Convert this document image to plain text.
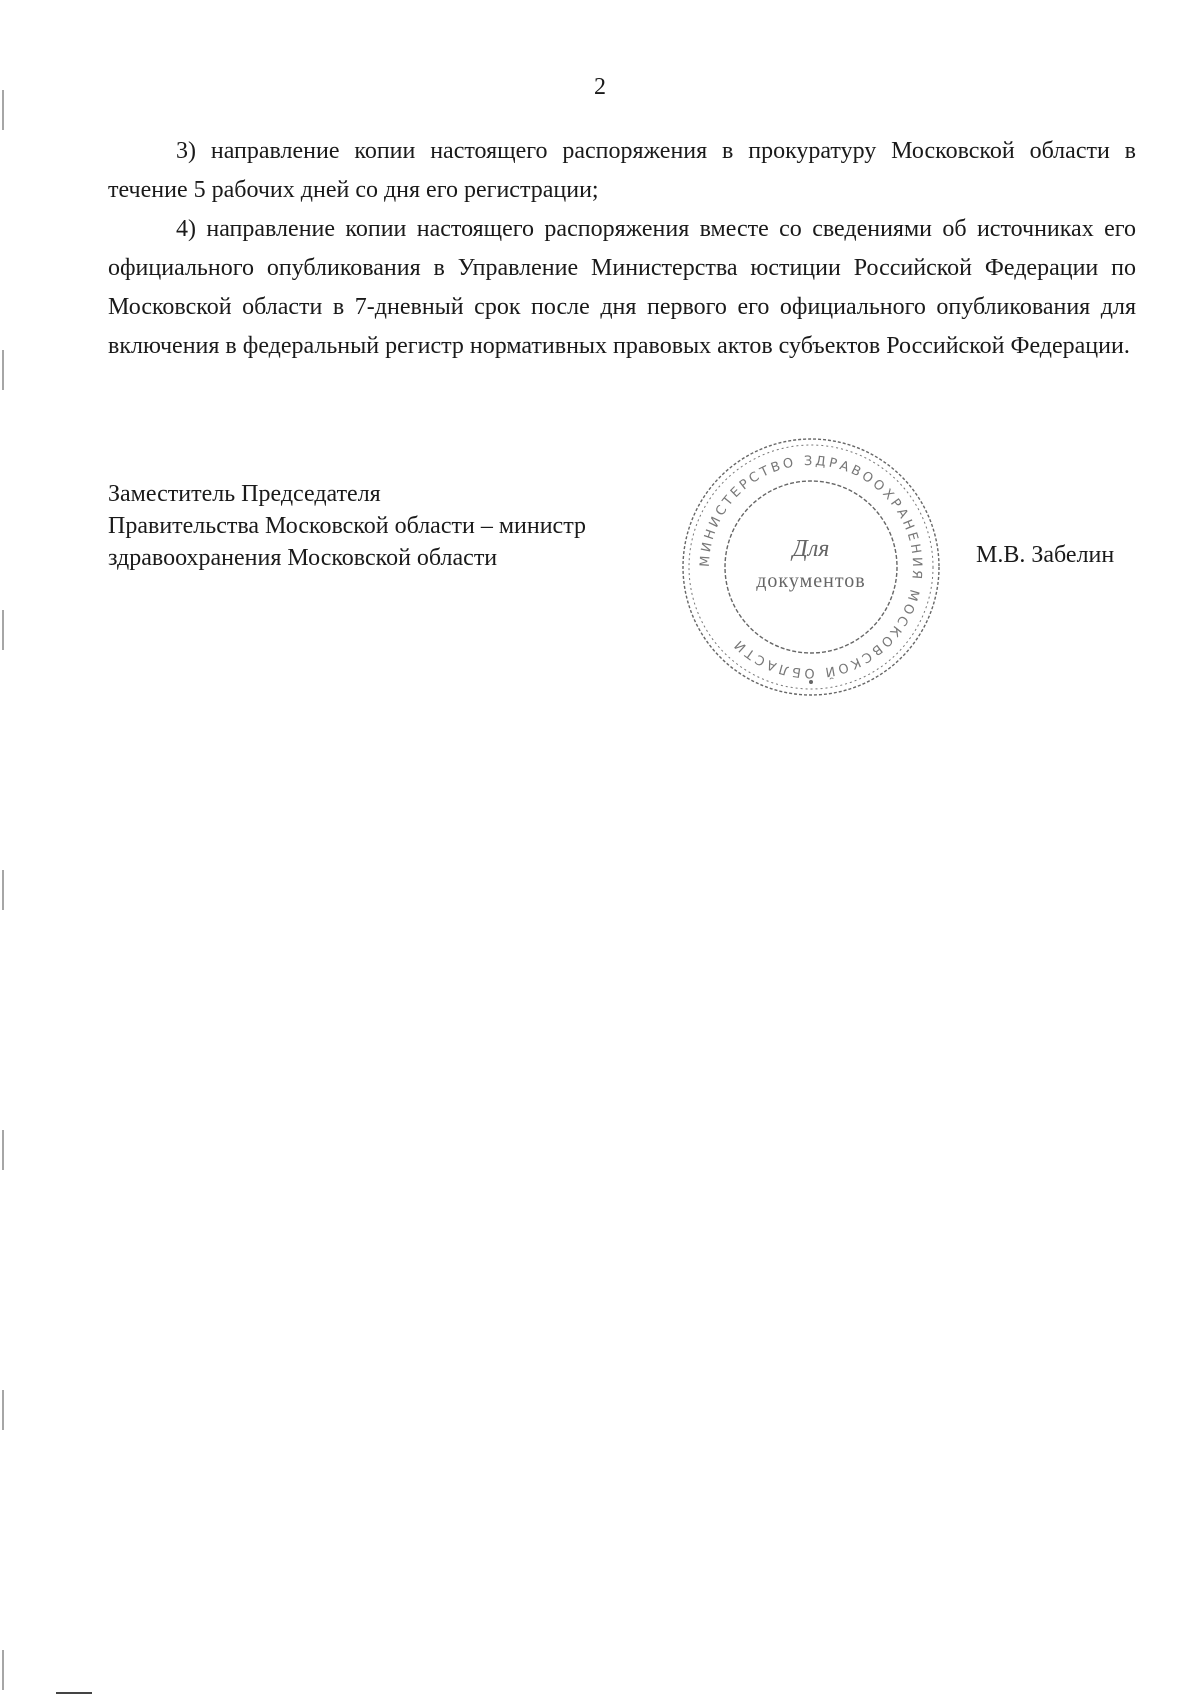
2

3) направление копии настоящего распоряжения в прокуратуру Московской области в течение 5 рабочих дней со дня его регистрации;

4) направление копии настоящего распоряжения вместе со сведениями об источниках его официального опубликования в Управление Министерства юстиции Российской Федерации по Московской области в 7-дневный срок после дня первого его официального опубликования для включения в федеральный регистр нормативных правовых актов субъектов Российской Федерации.

Заместитель Председателя
Правительства Московской области – министр
здравоохранения Московской области	МИНИСТЕРСТВО ЗДРАВООХРАНЕНИЯ МОСКОВСКОЙ ОБЛАСТИ
Для
документов
М.В. Забелин
